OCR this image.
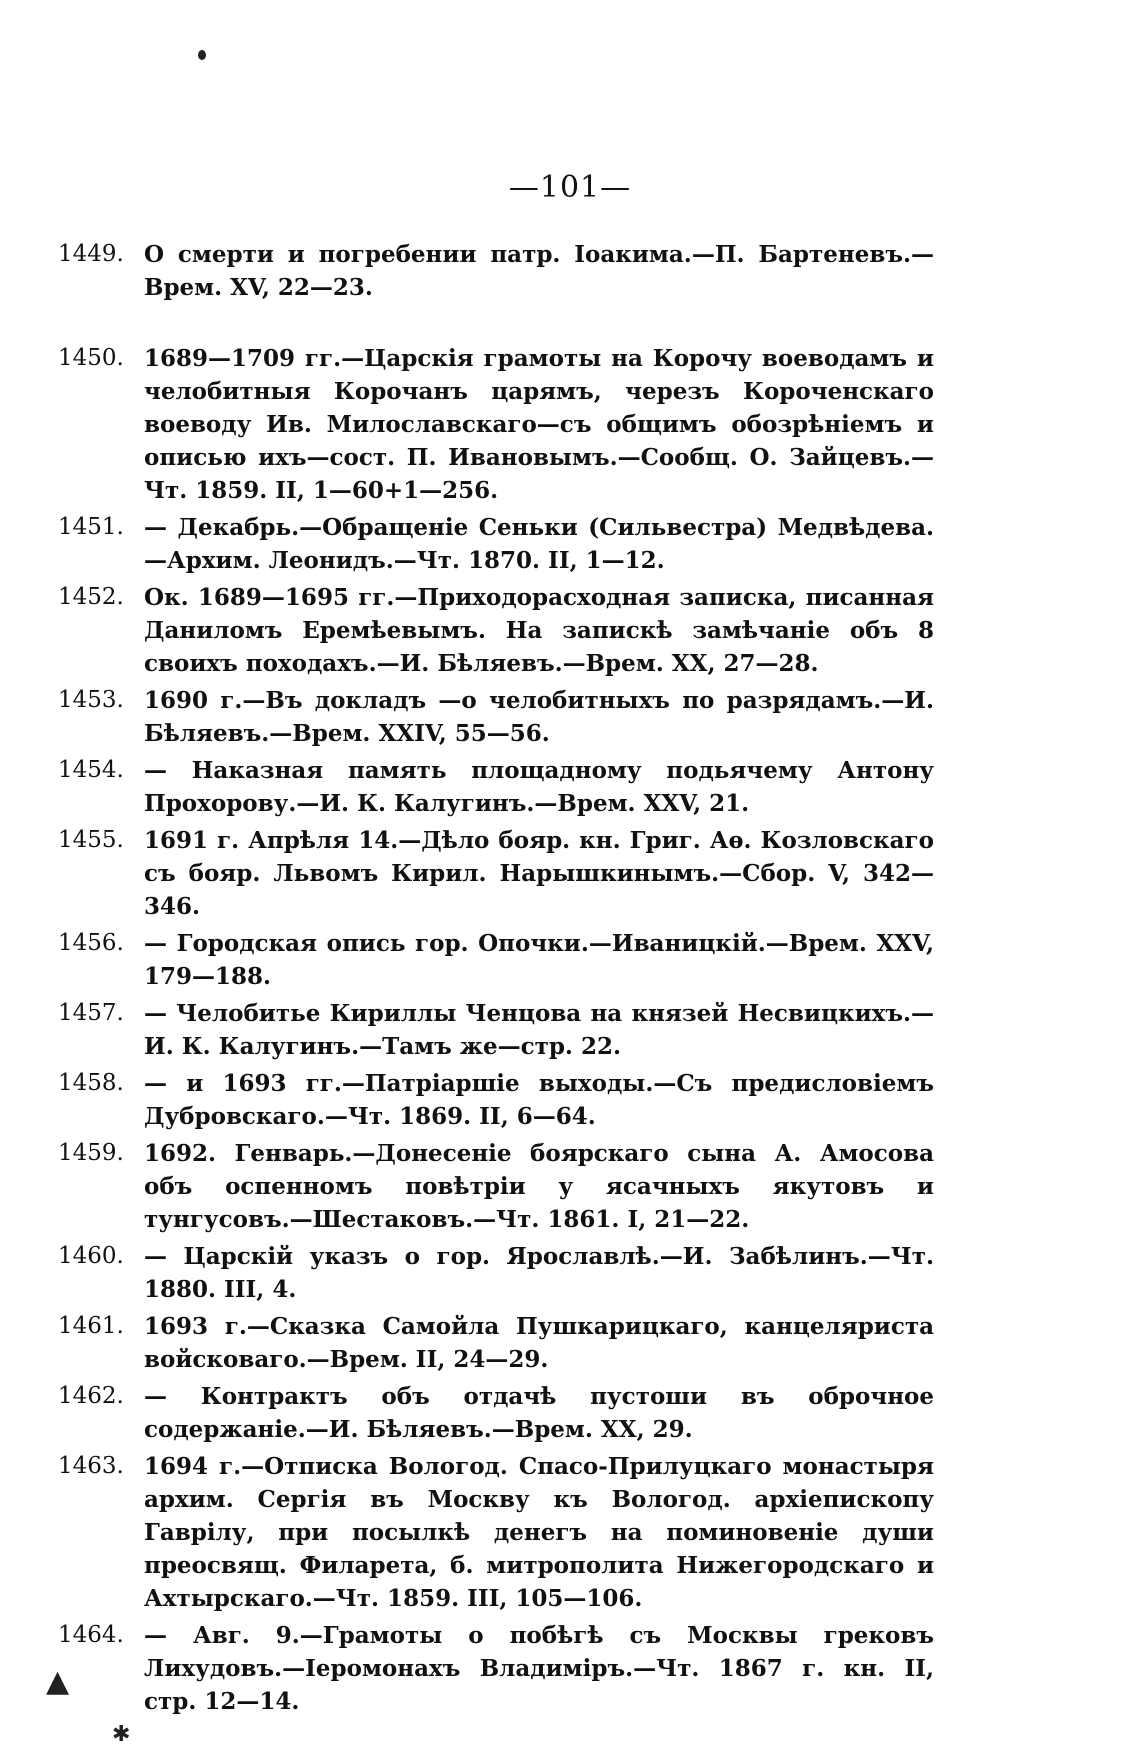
—101—
1449. О смерти и погребении патр. Іоакима.—П. Бартеневъ.—Врем. XV, 22—23.
1450. 1689—1709 гг.—Царскія грамоты на Корочу воеводамъ и челобитныя Корочанъ царямъ, черезъ Короченскаго воеводу Ив. Милославскаго—съ общимъ обозрѣніемъ и описью ихъ—сост. П. Ивановымъ.—Сообщ. О. Зайцевъ.—Чт. 1859. II, 1—60+1—256.
1451. — Декабрь.—Обращеніе Сеньки (Сильвестра) Медвѣдева.—Архим. Леонидъ.—Чт. 1870. II, 1—12.
1452. Ок. 1689—1695 гг.—Приходорасходная записка, писанная Даниломъ Еремѣевымъ. На запискѣ замѣчаніе объ 8 своихъ походахъ.—И. Бѣляевъ.—Врем. XX, 27—28.
1453. 1690 г.—Въ докладъ —о челобитныхъ по разрядамъ.—И. Бѣляевъ.—Врем. XXIV, 55—56.
1454. — Наказная память площадному подьячему Антону Прохорову.—И. К. Калугинъ.—Врем. XXV, 21.
1455. 1691 г. Апрѣля 14.—Дѣло бояр. кн. Григ. Аѳ. Козловскаго съ бояр. Львомъ Кирил. Нарышкинымъ.—Сбор. V, 342—346.
1456. — Городская опись гор. Опочки.—Иваницкій.—Врем. XXV, 179—188.
1457. — Челобитье Кириллы Ченцова на князей Несвицкихъ.—И. К. Калугинъ.—Тамъ же—стр. 22.
1458. — и 1693 гг.—Патріаршіе выходы.—Съ предисловіемъ Дубровскаго.—Чт. 1869. II, 6—64.
1459. 1692. Генварь.—Донесеніе боярскаго сына А. Амосова объ оспенномъ повѣтріи у ясачныхъ якутовъ и тунгусовъ.—Шестаковъ.—Чт. 1861. I, 21—22.
1460. — Царскій указъ о гор. Ярославлѣ.—И. Забѣлинъ.—Чт. 1880. III, 4.
1461. 1693 г.—Сказка Самойла Пушкарицкаго, канцеляриста войсковаго.—Врем. II, 24—29.
1462. — Контрактъ объ отдачѣ пустоши въ оброчное содержаніе.—И. Бѣляевъ.—Врем. XX, 29.
1463. 1694 г.—Отписка Вологод. Спасо-Прилуцкаго монастыря архим. Сергія въ Москву къ Вологод. архіепископу Гаврілу, при посылкѣ денегъ на поминовеніе души преосвящ. Филарета, б. митрополита Нижегородскаго и Ахтырскаго.—Чт. 1859. III, 105—106.
1464. — Авг. 9.—Грамоты о побѣгѣ съ Москвы грековъ Лихудовъ.—Іеромонахъ Владиміръ.—Чт. 1867 г. кн. II, стр. 12—14.
▲
✱
